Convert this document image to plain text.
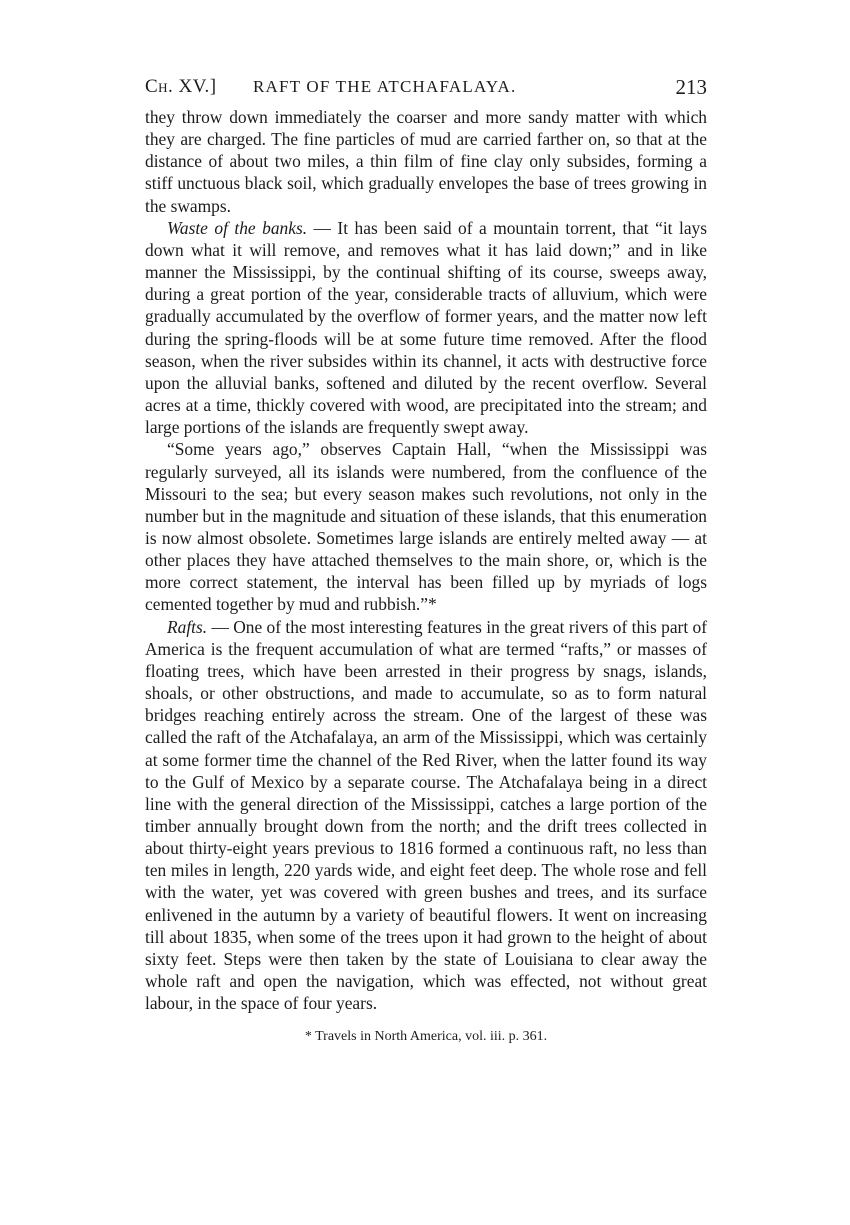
Ch. XV.] RAFT OF THE ATCHAFALAYA.	213

they throw down immediately the coarser and more sandy matter with which they are charged. The fine particles of mud are carried farther on, so that at the distance of about two miles, a thin film of fine clay only subsides, forming a stiff unctuous black soil, which gradually envelopes the base of trees growing in the swamps.

Waste of the banks. — It has been said of a mountain torrent, that “it lays down what it will remove, and removes what it has laid down;” and in like manner the Mississippi, by the continual shifting of its course, sweeps away, during a great portion of the year, considerable tracts of alluvium, which were gradually accumulated by the overflow of former years, and the matter now left during the spring-floods will be at some future time removed. After the flood season, when the river subsides within its channel, it acts with destructive force upon the alluvial banks, softened and diluted by the recent overflow. Several acres at a time, thickly covered with wood, are precipitated into the stream; and large portions of the islands are frequently swept away.

“Some years ago,” observes Captain Hall, “when the Mississippi was regularly surveyed, all its islands were numbered, from the confluence of the Missouri to the sea; but every season makes such revolutions, not only in the number but in the magnitude and situation of these islands, that this enumeration is now almost obsolete. Sometimes large islands are entirely melted away — at other places they have attached themselves to the main shore, or, which is the more correct statement, the interval has been filled up by myriads of logs cemented together by mud and rubbish.”*

Rafts. — One of the most interesting features in the great rivers of this part of America is the frequent accumulation of what are termed “rafts,” or masses of floating trees, which have been arrested in their progress by snags, islands, shoals, or other obstructions, and made to accumulate, so as to form natural bridges reaching entirely across the stream. One of the largest of these was called the raft of the Atchafalaya, an arm of the Mississippi, which was certainly at some former time the channel of the Red River, when the latter found its way to the Gulf of Mexico by a separate course. The Atchafalaya being in a direct line with the general direction of the Mississippi, catches a large portion of the timber annually brought down from the north; and the drift trees collected in about thirty-eight years previous to 1816 formed a continuous raft, no less than ten miles in length, 220 yards wide, and eight feet deep. The whole rose and fell with the water, yet was covered with green bushes and trees, and its surface enlivened in the autumn by a variety of beautiful flowers. It went on increasing till about 1835, when some of the trees upon it had grown to the height of about sixty feet. Steps were then taken by the state of Louisiana to clear away the whole raft and open the navigation, which was effected, not without great labour, in the space of four years.

* Travels in North America, vol. iii. p. 361.
